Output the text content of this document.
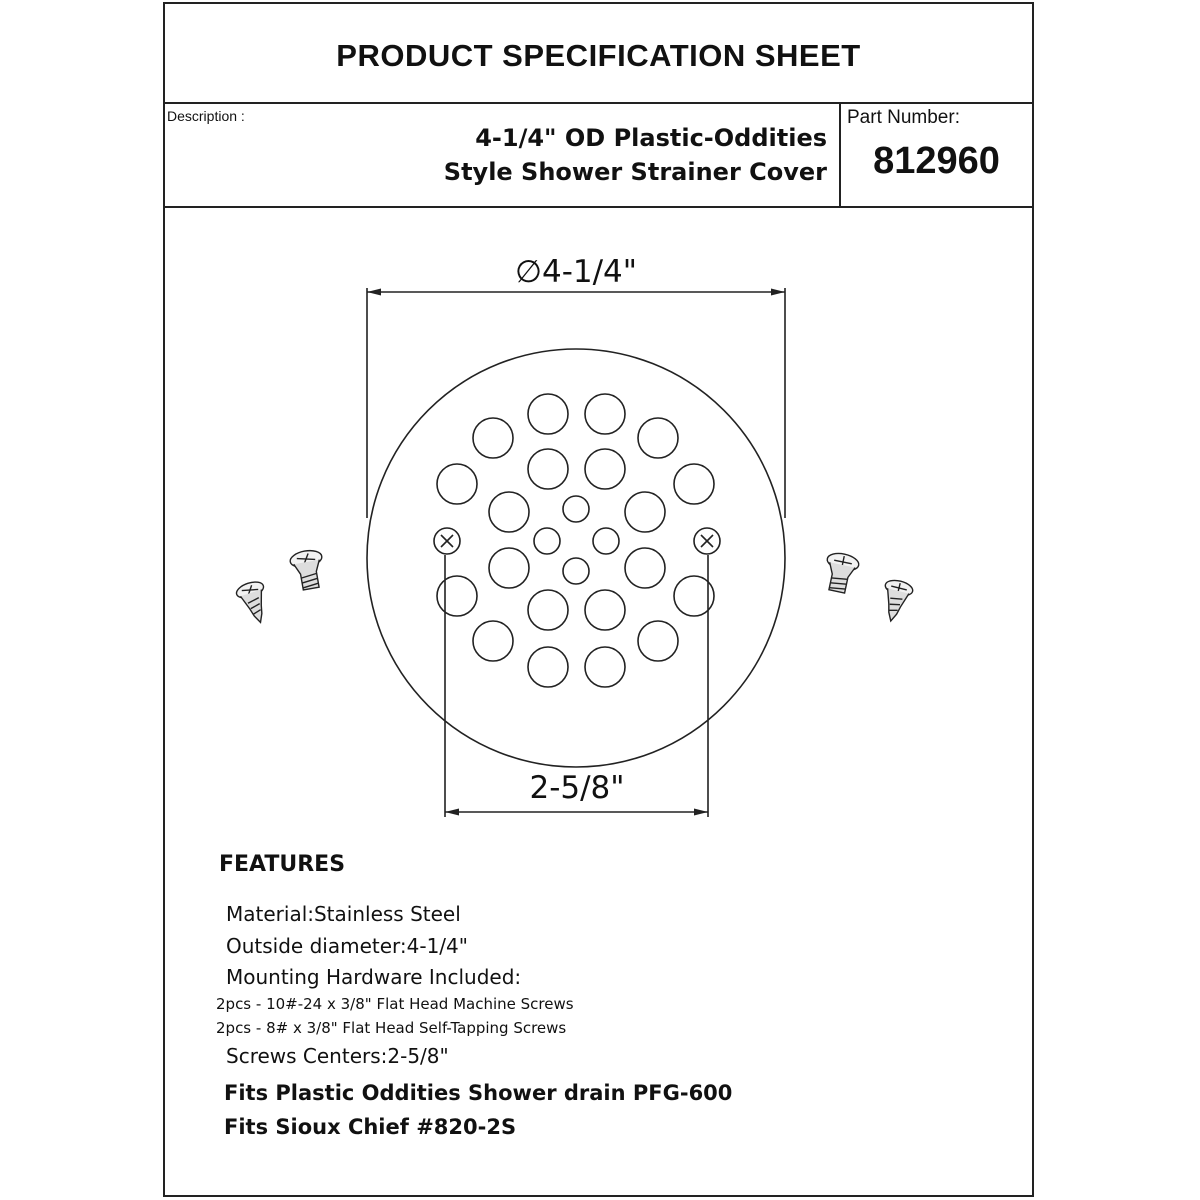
PRODUCT SPECIFICATION SHEET
Description :
4-1/4" OD Plastic-Oddities
Style Shower Strainer Cover
Part Number:
812960
∅4-1/4"
2-5/8"
FEATURES
Material:Stainless Steel
Outside diameter:4-1/4"
Mounting Hardware Included:
2pcs - 10#-24 x 3/8" Flat Head Machine Screws
2pcs - 8# x 3/8" Flat Head Self-Tapping Screws
Screws Centers:2-5/8"
Fits Plastic Oddities Shower drain PFG-600
Fits Sioux Chief #820-2S
